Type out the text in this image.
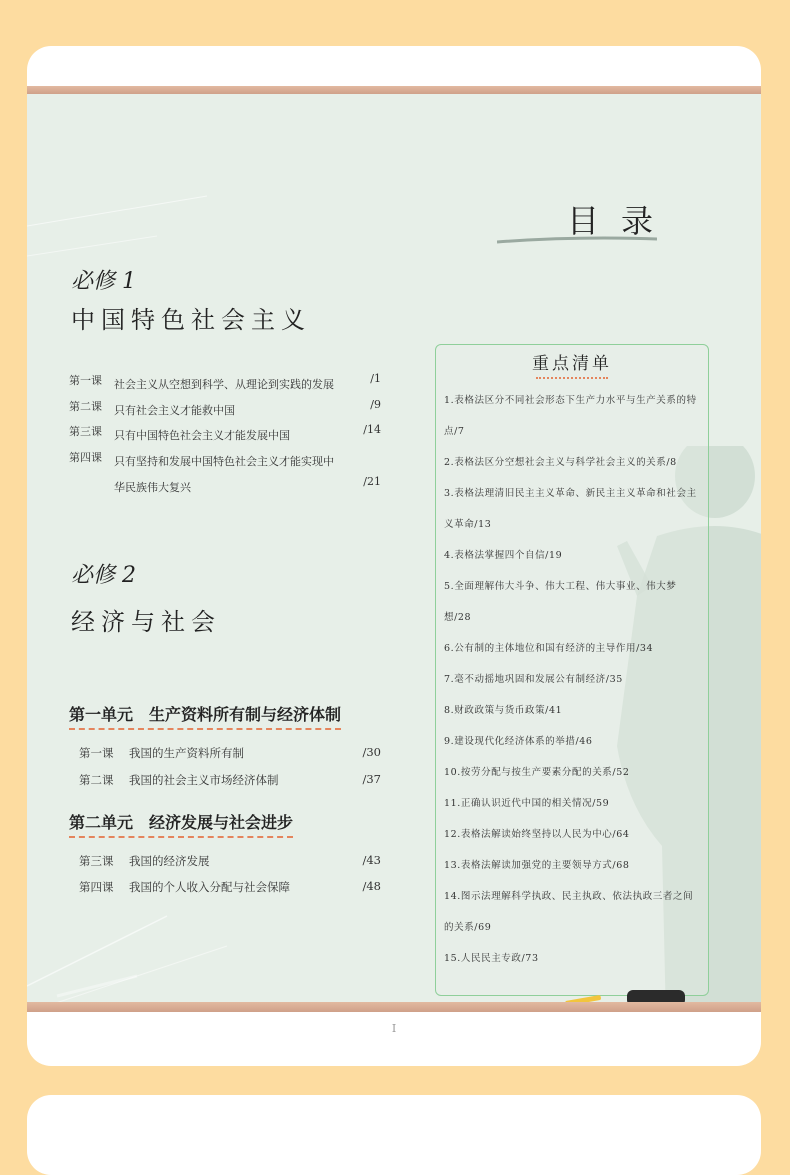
目录
必修 1
中国特色社会主义
第一课 社会主义从空想到科学、从理论到实践的发展	/1
第二课 只有社会主义才能救中国	/9
第三课 只有中国特色社会主义才能发展中国	/14
第四课 只有坚持和发展中国特色社会主义才能实现中华民族伟大复兴	/21
必修 2
经济与社会
第一单元　生产资料所有制与经济体制
第一课 我国的生产资料所有制	/30
第二课 我国的社会主义市场经济体制	/37
第二单元　经济发展与社会进步
第三课 我国的经济发展	/43
第四课 我国的个人收入分配与社会保障	/48
重点清单
1.表格法区分不同社会形态下生产力水平与生产关系的特点/7
2.表格法区分空想社会主义与科学社会主义的关系/8
3.表格法理清旧民主主义革命、新民主主义革命和社会主义革命/13
4.表格法掌握四个自信/19
5.全面理解伟大斗争、伟大工程、伟大事业、伟大梦想/28
6.公有制的主体地位和国有经济的主导作用/34
7.毫不动摇地巩固和发展公有制经济/35
8.财政政策与货币政策/41
9.建设现代化经济体系的举措/46
10.按劳分配与按生产要素分配的关系/52
11.正确认识近代中国的相关情况/59
12.表格法解读始终坚持以人民为中心/64
13.表格法解读加强党的主要领导方式/68
14.图示法理解科学执政、民主执政、依法执政三者之间的关系/69
15.人民民主专政/73
I
